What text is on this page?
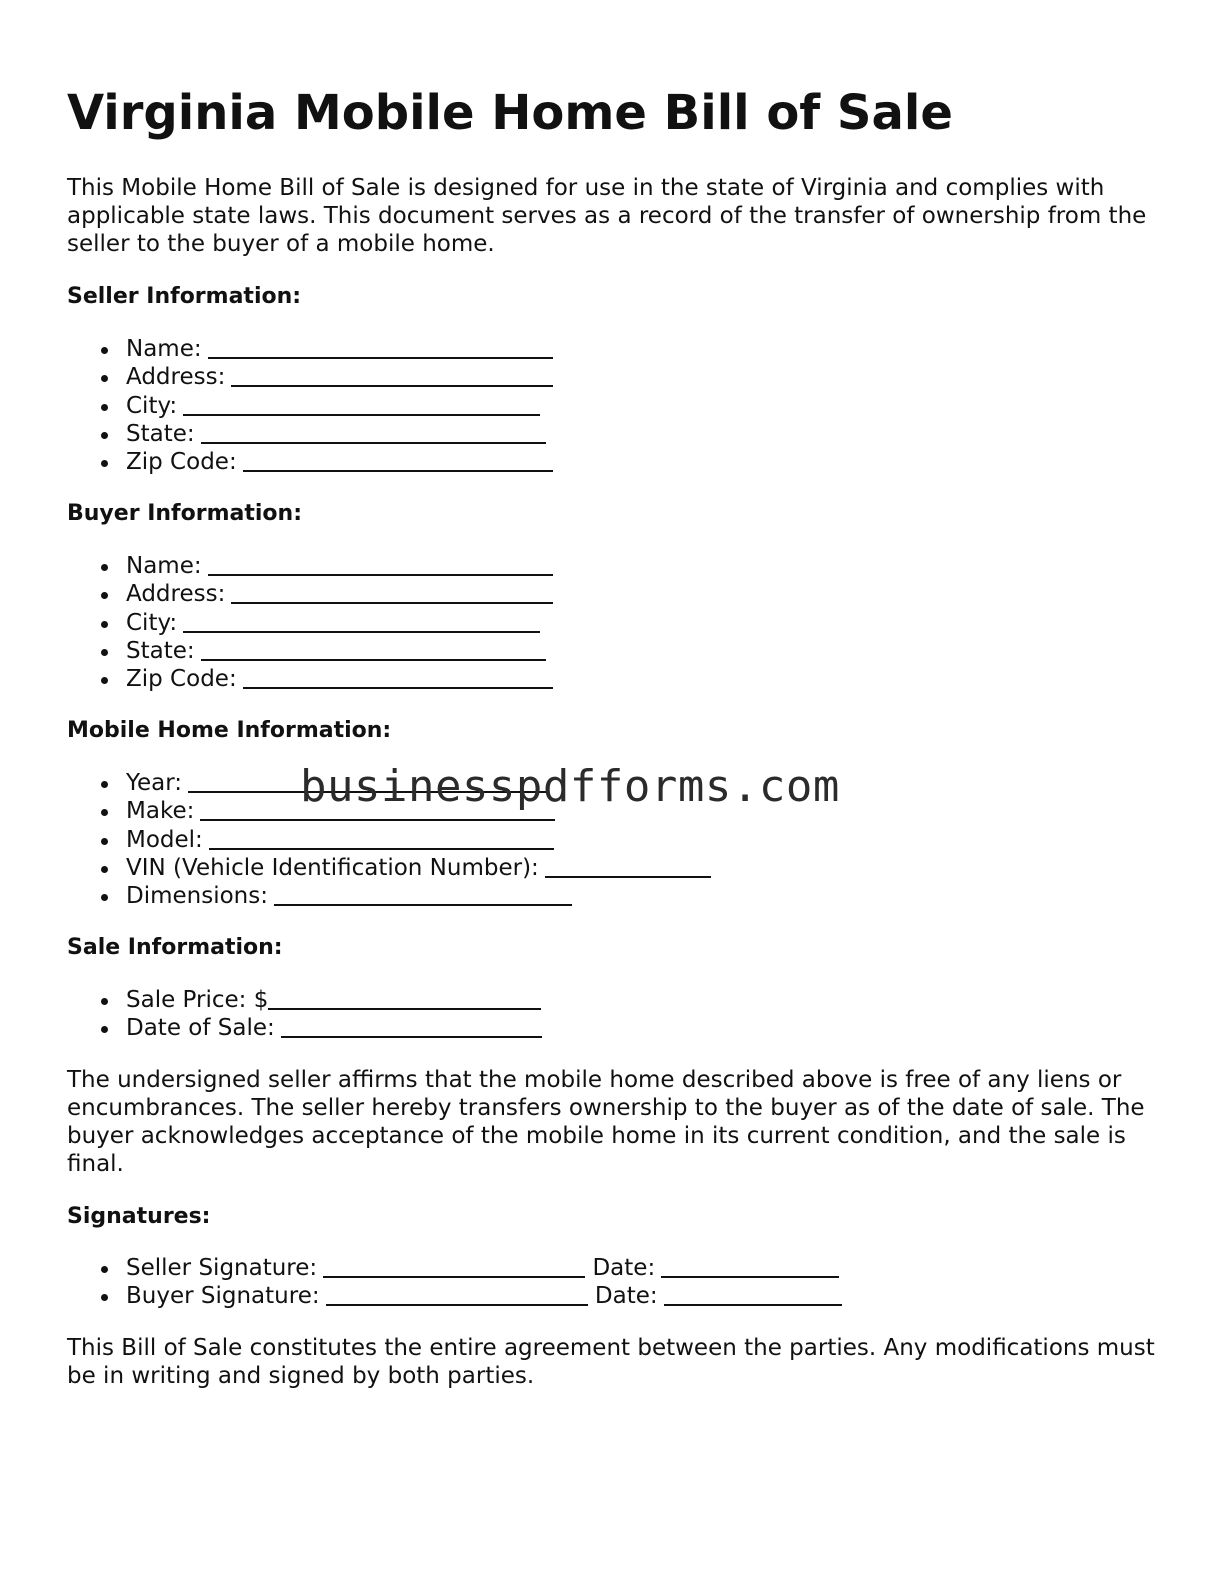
Virginia Mobile Home Bill of Sale

This Mobile Home Bill of Sale is designed for use in the state of Virginia and complies with applicable state laws. This document serves as a record of the transfer of ownership from the seller to the buyer of a mobile home.

Seller Information:

Name:
Address:
City:
State:
Zip Code:

Buyer Information:

Name:
Address:
City:
State:
Zip Code:

Mobile Home Information:

Year:
Make:
Model:
VIN (Vehicle Identification Number):
Dimensions:

Sale Information:

Sale Price: $
Date of Sale:

The undersigned seller affirms that the mobile home described above is free of any liens or encumbrances. The seller hereby transfers ownership to the buyer as of the date of sale. The buyer acknowledges acceptance of the mobile home in its current condition, and the sale is final.

Signatures:

Seller Signature:	Date:
Buyer Signature:	Date:

This Bill of Sale constitutes the entire agreement between the parties. Any modifications must be in writing and signed by both parties.

businesspdfforms.com
